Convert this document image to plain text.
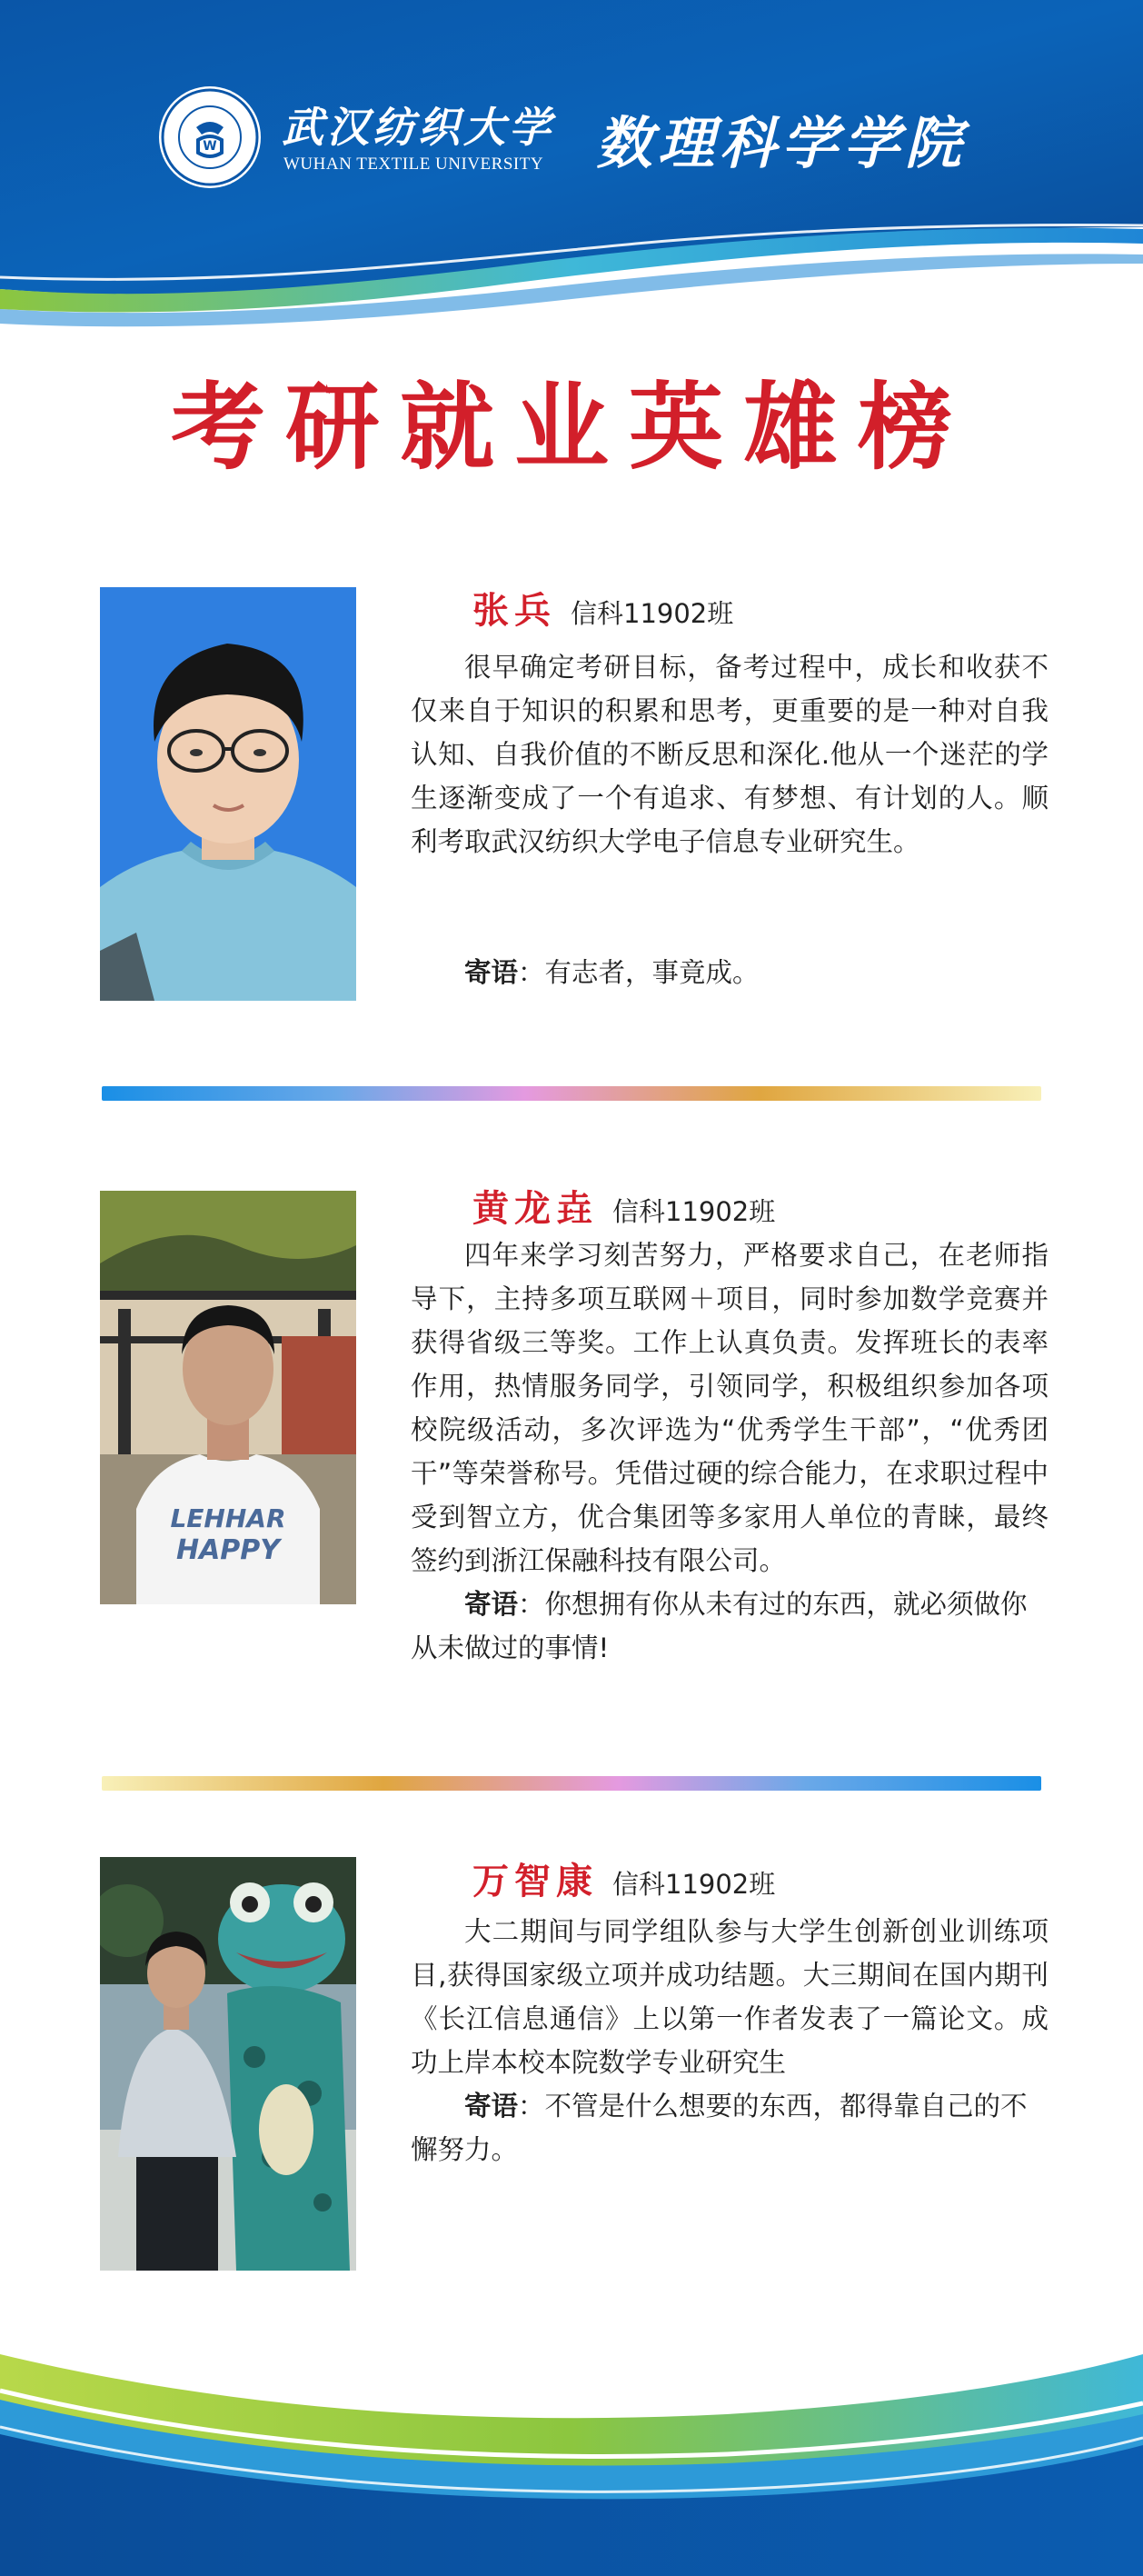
W 武汉纺织大学
WUHAN TEXTILE UNIVERSITY 数理科学学院
考研就业英雄榜
张兵 信科11902班

很早确定考研目标，备考过程中，成长和收获不仅来自于知识的积累和思考，更重要的是一种对自我认知、自我价值的不断反思和深化.他从一个迷茫的学生逐渐变成了一个有追求、有梦想、有计划的人。顺利考取武汉纺织大学电子信息专业研究生。

寄语：有志者，事竟成。

LEHHAR
HAPPY
黄龙垚 信科11902班

四年来学习刻苦努力，严格要求自己，在老师指导下，主持多项互联网＋项目，同时参加数学竞赛并获得省级三等奖。工作上认真负责。发挥班长的表率作用，热情服务同学，引领同学，积极组织参加各项校院级活动，多次评选为“优秀学生干部”，“优秀团干”等荣誉称号。凭借过硬的综合能力，在求职过程中受到智立方，优合集团等多家用人单位的青睐，最终签约到浙江保融科技有限公司。

寄语：你想拥有你从未有过的东西，就必须做你从未做过的事情!

万智康 信科11902班

大二期间与同学组队参与大学生创新创业训练项目,获得国家级立项并成功结题。大三期间在国内期刊《长江信息通信》上以第一作者发表了一篇论文。成功上岸本校本院数学专业研究生

寄语：不管是什么想要的东西，都得靠自己的不懈努力。
